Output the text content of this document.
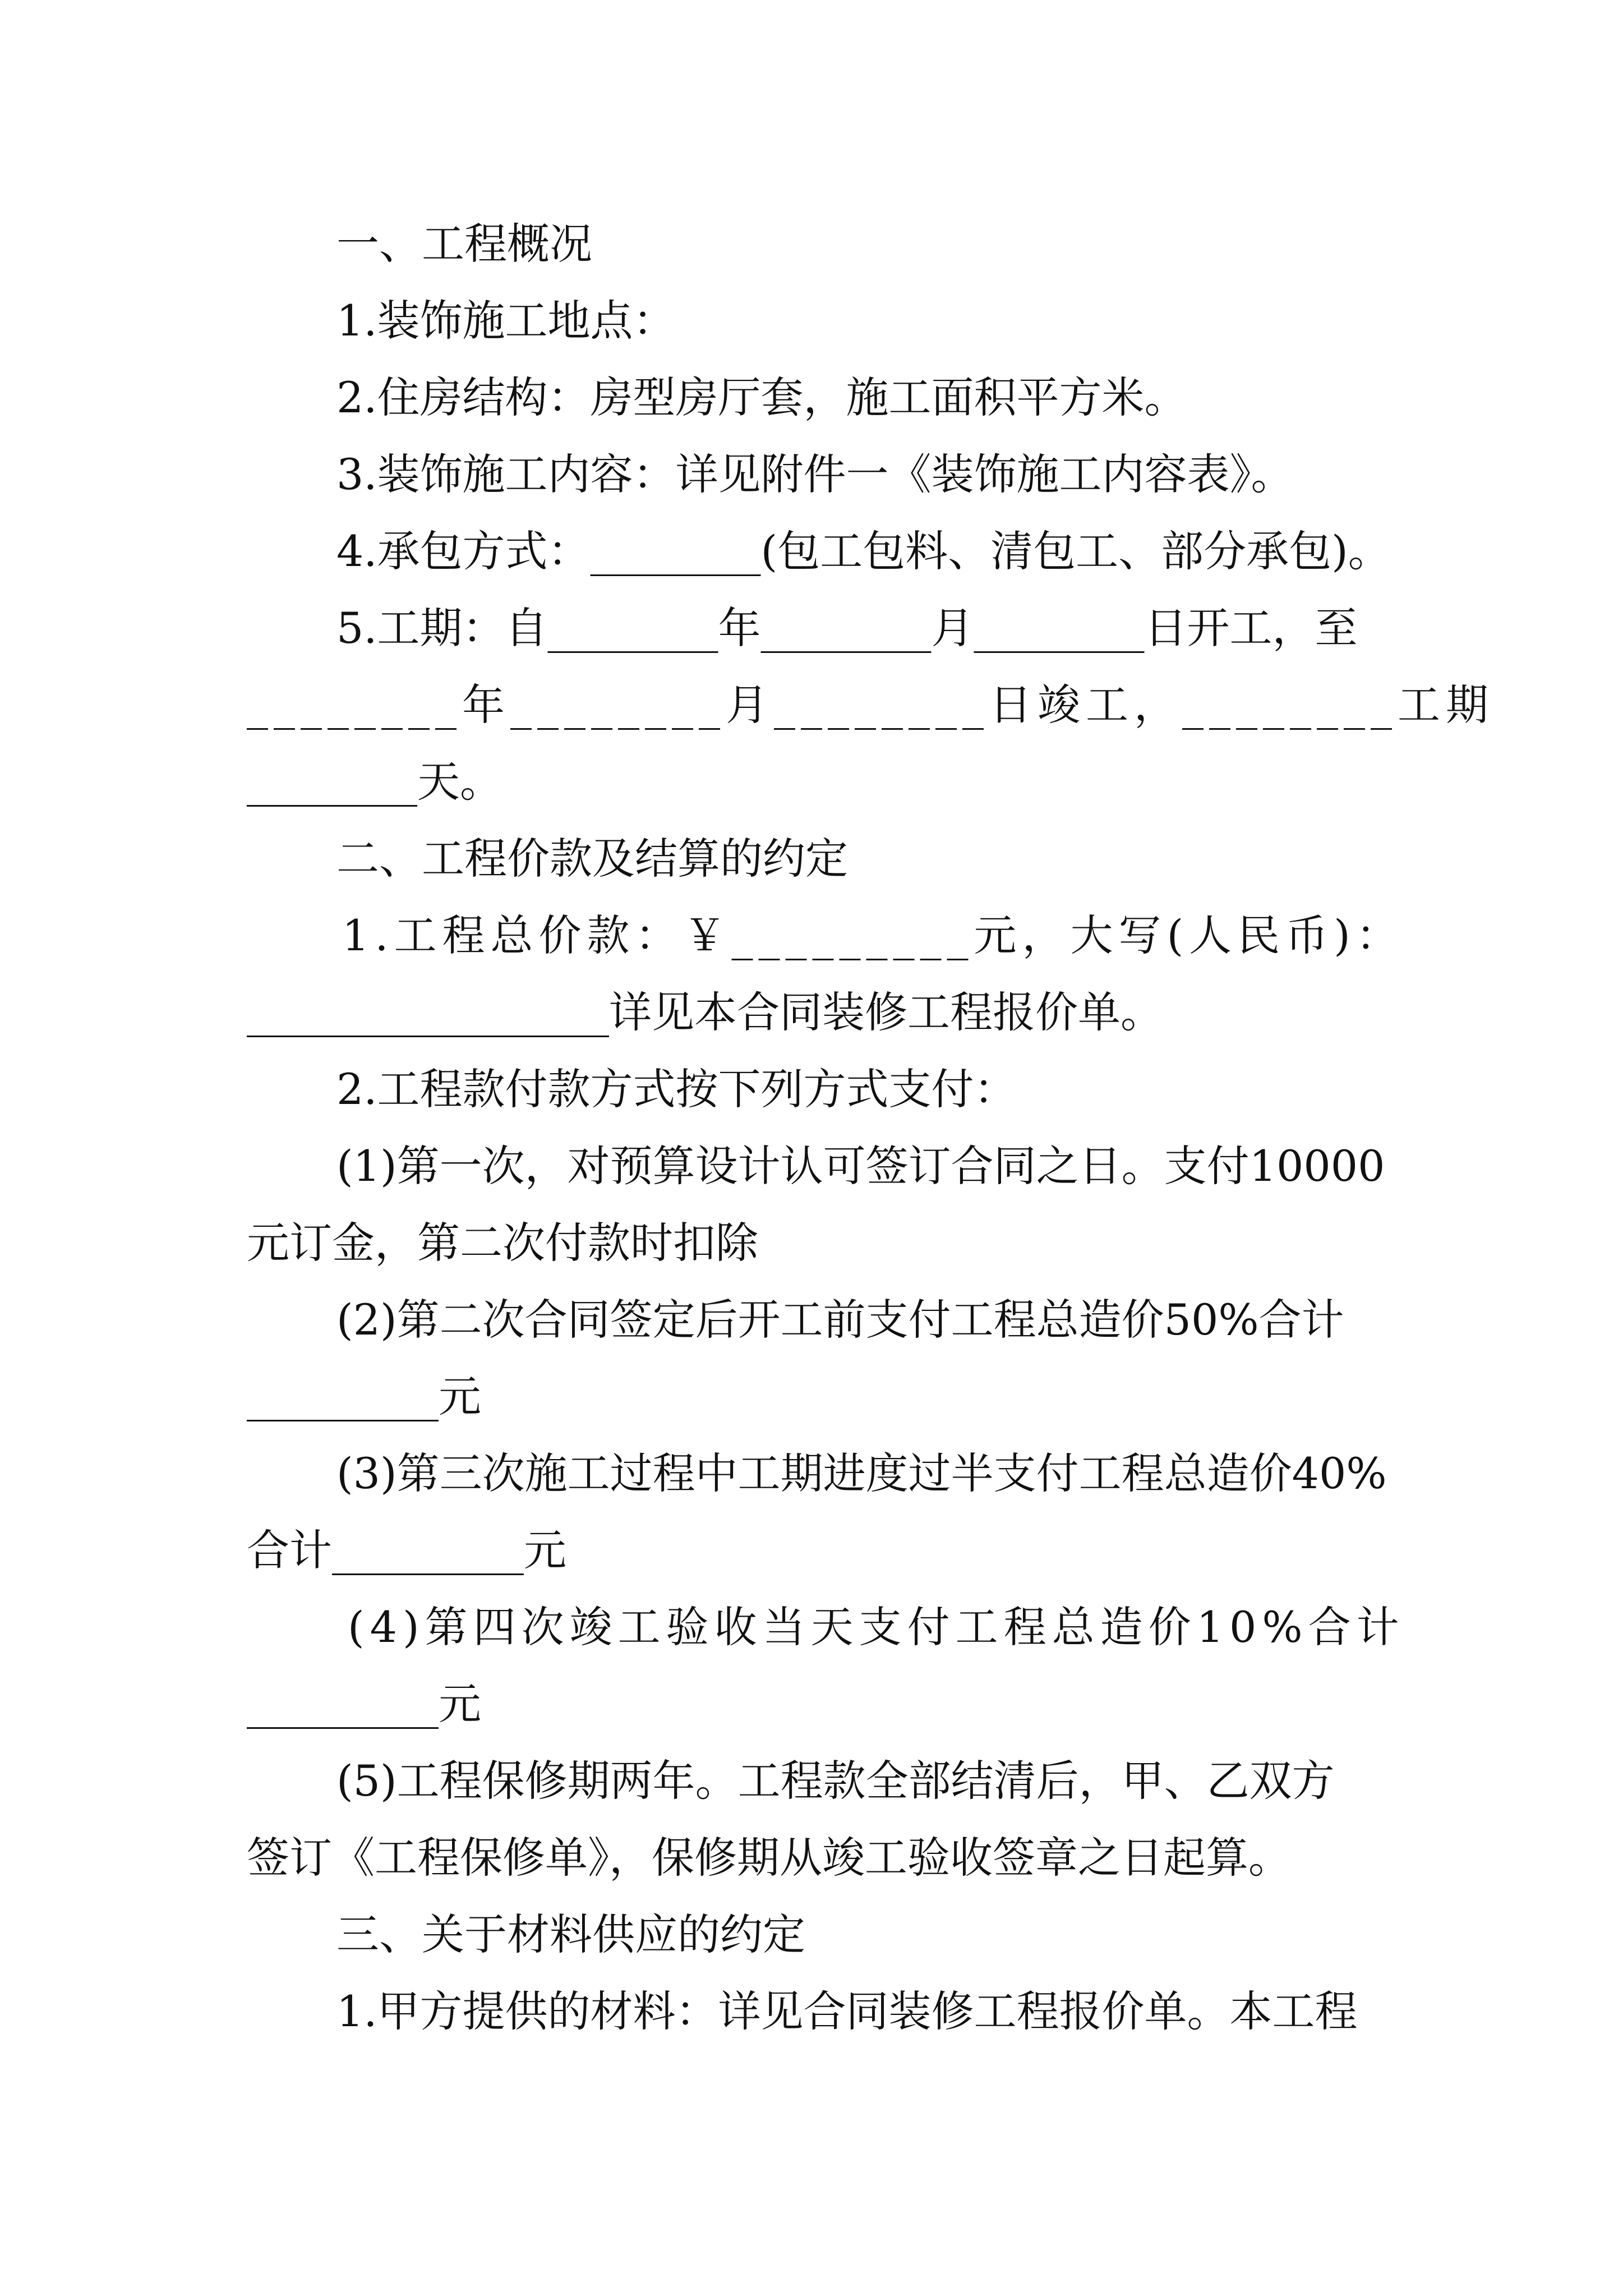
一、工程概况
1.装饰施工地点：
2.住房结构：房型房厅套，施工面积平方米。
3.装饰施工内容：详见附件一《装饰施工内容表》。
4.承包方式：________(包工包料、清包工、部分承包)。
5.工期：自________年________月________日开工，至
________年________月________日竣工，________工期
________天。
二、工程价款及结算的约定
1.工程总价款：￥_________元，大写(人民币)：
_________________详见本合同装修工程报价单。
2.工程款付款方式按下列方式支付：
(1)第一次，对预算设计认可签订合同之日。支付10000
元订金，第二次付款时扣除
(2)第二次合同签定后开工前支付工程总造价50%合计
_________元
(3)第三次施工过程中工期进度过半支付工程总造价40%
合计_________元
(4)第四次竣工验收当天支付工程总造价10%合计
_________元
(5)工程保修期两年。工程款全部结清后，甲、乙双方
签订《工程保修单》，保修期从竣工验收签章之日起算。
三、关于材料供应的约定
1.甲方提供的材料：详见合同装修工程报价单。本工程
